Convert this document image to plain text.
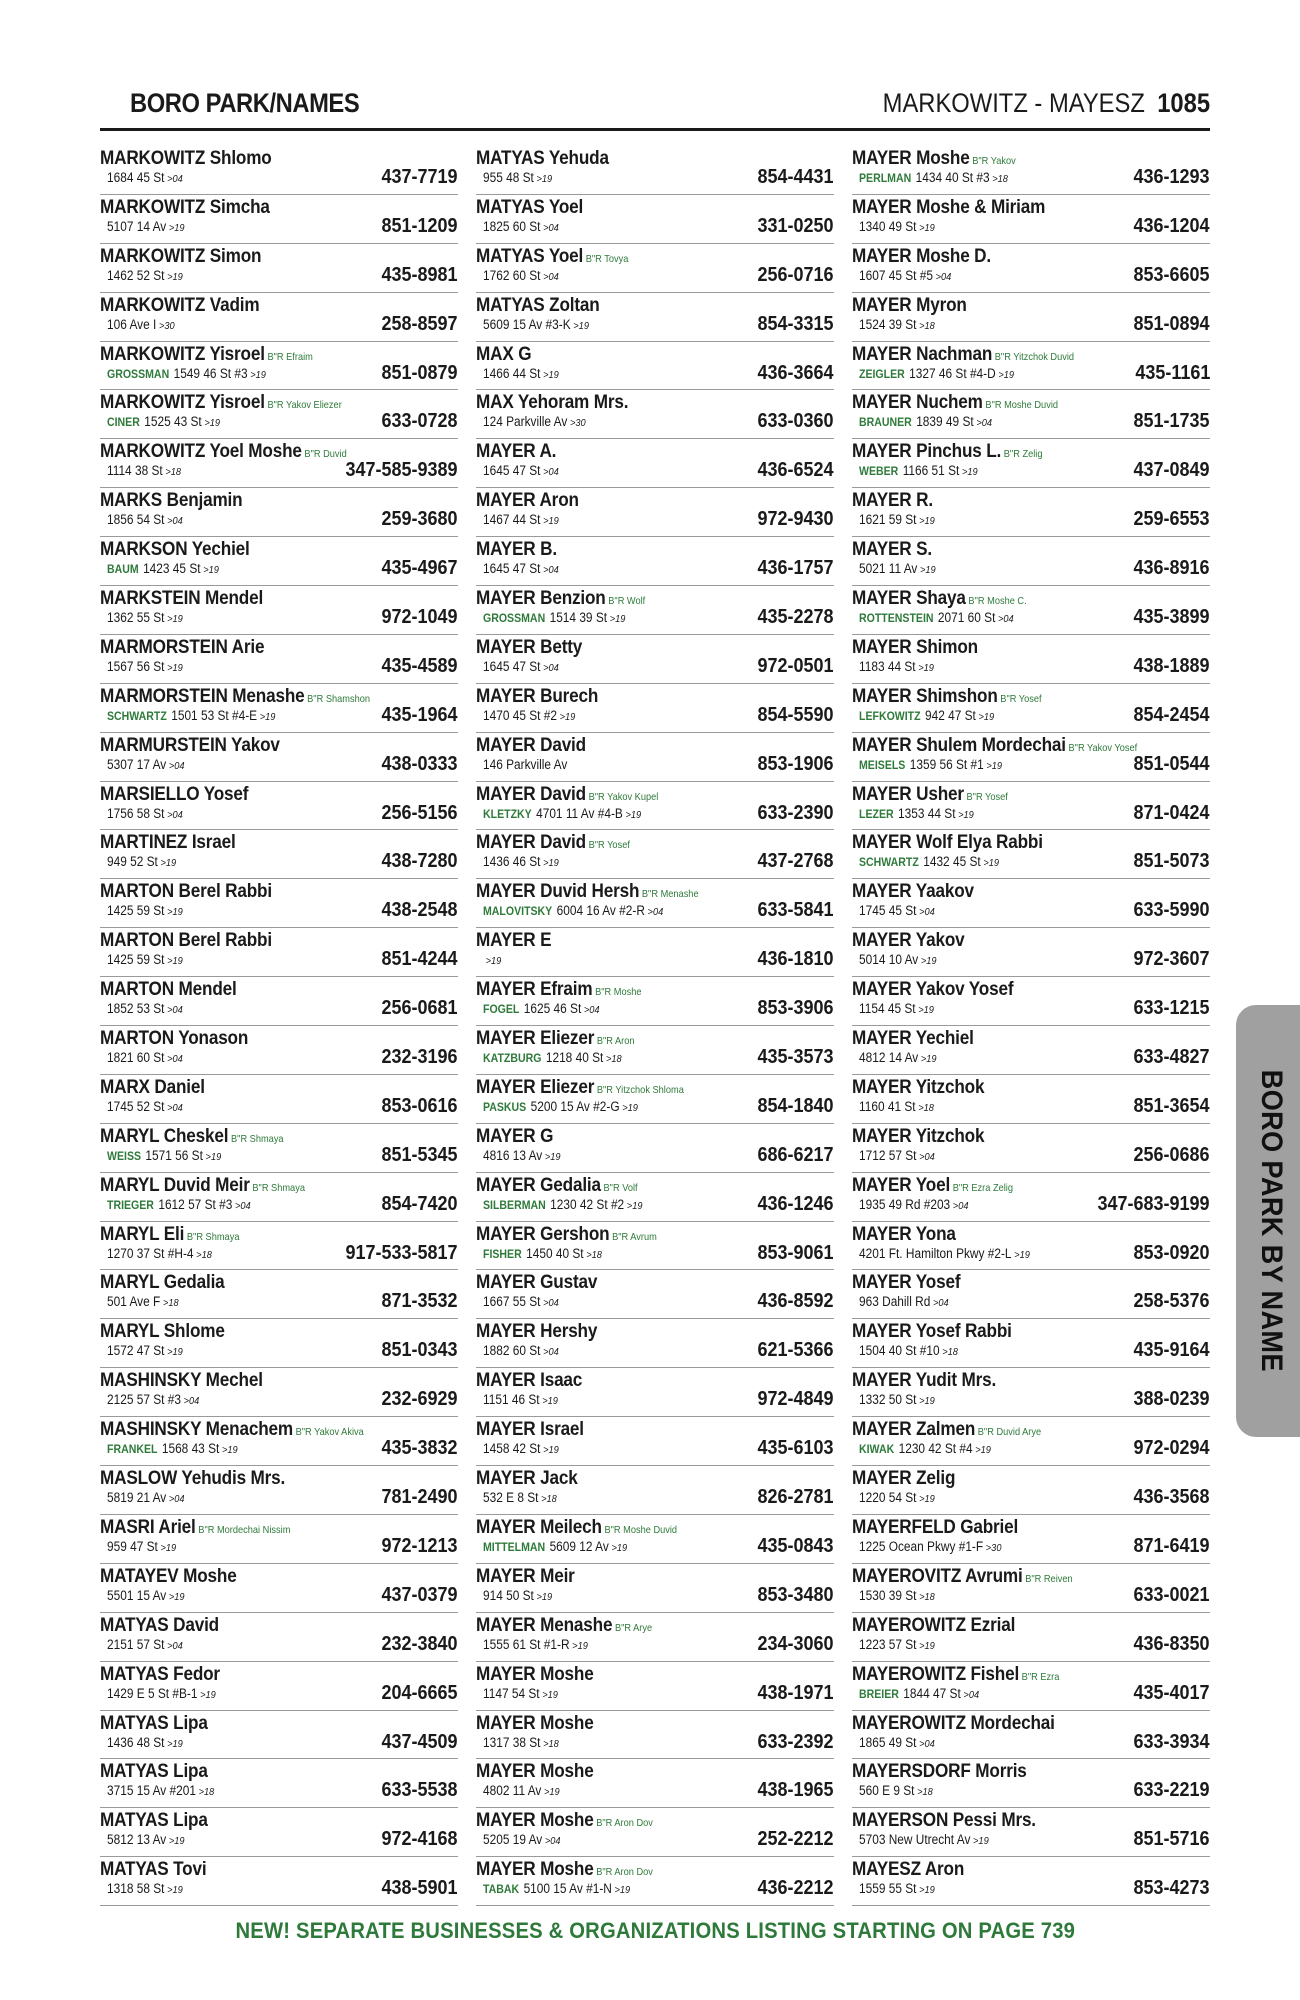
BORO PARK/NAMES	MARKOWITZ - MAYESZ 1085
MARKOWITZ Shlomo
1684 45 St >04	437-7719
MARKOWITZ Simcha
5107 14 Av >19	851-1209
MARKOWITZ Simon
1462 52 St >19	435-8981
MARKOWITZ Vadim
106 Ave I >30	258-8597
MARKOWITZ Yisroel B"R Efraim
GROSSMAN 1549 46 St #3 >19	851-0879
MARKOWITZ Yisroel B"R Yakov Eliezer
CINER 1525 43 St >19	633-0728
MARKOWITZ Yoel Moshe B"R Duvid
1114 38 St >18	347-585-9389
MARKS Benjamin
1856 54 St >04	259-3680
MARKSON Yechiel
BAUM 1423 45 St >19	435-4967
MARKSTEIN Mendel
1362 55 St >19	972-1049
MARMORSTEIN Arie
1567 56 St >19	435-4589
MARMORSTEIN Menashe B"R Shamshon
SCHWARTZ 1501 53 St #4-E >19	435-1964
MARMURSTEIN Yakov
5307 17 Av >04	438-0333
MARSIELLO Yosef
1756 58 St >04	256-5156
MARTINEZ Israel
949 52 St >19	438-7280
MARTON Berel Rabbi
1425 59 St >19	438-2548
MARTON Berel Rabbi
1425 59 St >19	851-4244
MARTON Mendel
1852 53 St >04	256-0681
MARTON Yonason
1821 60 St >04	232-3196
MARX Daniel
1745 52 St >04	853-0616
MARYL Cheskel B"R Shmaya
WEISS 1571 56 St >19	851-5345
MARYL Duvid Meir B"R Shmaya
TRIEGER 1612 57 St #3 >04	854-7420
MARYL Eli B"R Shmaya
1270 37 St #H-4 >18	917-533-5817
MARYL Gedalia
501 Ave F >18	871-3532
MARYL Shlome
1572 47 St >19	851-0343
MASHINSKY Mechel
2125 57 St #3 >04	232-6929
MASHINSKY Menachem B"R Yakov Akiva
FRANKEL 1568 43 St >19	435-3832
MASLOW Yehudis Mrs.
5819 21 Av >04	781-2490
MASRI Ariel B"R Mordechai Nissim
959 47 St >19	972-1213
MATAYEV Moshe
5501 15 Av >19	437-0379
MATYAS David
2151 57 St >04	232-3840
MATYAS Fedor
1429 E 5 St #B-1 >19	204-6665
MATYAS Lipa
1436 48 St >19	437-4509
MATYAS Lipa
3715 15 Av #201 >18	633-5538
MATYAS Lipa
5812 13 Av >19	972-4168
MATYAS Tovi
1318 58 St >19	438-5901
MATYAS Yehuda
955 48 St >19	854-4431
MATYAS Yoel
1825 60 St >04	331-0250
MATYAS Yoel B"R Tovya
1762 60 St >04	256-0716
MATYAS Zoltan
5609 15 Av #3-K >19	854-3315
MAX G
1466 44 St >19	436-3664
MAX Yehoram Mrs.
124 Parkville Av >30	633-0360
MAYER A.
1645 47 St >04	436-6524
MAYER Aron
1467 44 St >19	972-9430
MAYER B.
1645 47 St >04	436-1757
MAYER Benzion B"R Wolf
GROSSMAN 1514 39 St >19	435-2278
MAYER Betty
1645 47 St >04	972-0501
MAYER Burech
1470 45 St #2 >19	854-5590
MAYER David
146 Parkville Av	853-1906
MAYER David B"R Yakov Kupel
KLETZKY 4701 11 Av #4-B >19	633-2390
MAYER David B"R Yosef
1436 46 St >19	437-2768
MAYER Duvid Hersh B"R Menashe
MALOVITSKY 6004 16 Av #2-R >04	633-5841
MAYER E
>19	436-1810
MAYER Efraim B"R Moshe
FOGEL 1625 46 St >04	853-3906
MAYER Eliezer B"R Aron
KATZBURG 1218 40 St >18	435-3573
MAYER Eliezer B"R Yitzchok Shloma
PASKUS 5200 15 Av #2-G >19	854-1840
MAYER G
4816 13 Av >19	686-6217
MAYER Gedalia B"R Volf
SILBERMAN 1230 42 St #2 >19	436-1246
MAYER Gershon B"R Avrum
FISHER 1450 40 St >18	853-9061
MAYER Gustav
1667 55 St >04	436-8592
MAYER Hershy
1882 60 St >04	621-5366
MAYER Isaac
1151 46 St >19	972-4849
MAYER Israel
1458 42 St >19	435-6103
MAYER Jack
532 E 8 St >18	826-2781
MAYER Meilech B"R Moshe Duvid
MITTELMAN 5609 12 Av >19	435-0843
MAYER Meir
914 50 St >19	853-3480
MAYER Menashe B"R Arye
1555 61 St #1-R >19	234-3060
MAYER Moshe
1147 54 St >19	438-1971
MAYER Moshe
1317 38 St >18	633-2392
MAYER Moshe
4802 11 Av >19	438-1965
MAYER Moshe B"R Aron Dov
5205 19 Av >04	252-2212
MAYER Moshe B"R Aron Dov
TABAK 5100 15 Av #1-N >19	436-2212
MAYER Moshe B"R Yakov
PERLMAN 1434 40 St #3 >18	436-1293
MAYER Moshe & Miriam
1340 49 St >19	436-1204
MAYER Moshe D.
1607 45 St #5 >04	853-6605
MAYER Myron
1524 39 St >18	851-0894
MAYER Nachman B"R Yitzchok Duvid
ZEIGLER 1327 46 St #4-D >19	435-1161
MAYER Nuchem B"R Moshe Duvid
BRAUNER 1839 49 St >04	851-1735
MAYER Pinchus L. B"R Zelig
WEBER 1166 51 St >19	437-0849
MAYER R.
1621 59 St >19	259-6553
MAYER S.
5021 11 Av >19	436-8916
MAYER Shaya B"R Moshe C.
ROTTENSTEIN 2071 60 St >04	435-3899
MAYER Shimon
1183 44 St >19	438-1889
MAYER Shimshon B"R Yosef
LEFKOWITZ 942 47 St >19	854-2454
MAYER Shulem Mordechai B"R Yakov Yosef
MEISELS 1359 56 St #1 >19	851-0544
MAYER Usher B"R Yosef
LEZER 1353 44 St >19	871-0424
MAYER Wolf Elya Rabbi
SCHWARTZ 1432 45 St >19	851-5073
MAYER Yaakov
1745 45 St >04	633-5990
MAYER Yakov
5014 10 Av >19	972-3607
MAYER Yakov Yosef
1154 45 St >19	633-1215
MAYER Yechiel
4812 14 Av >19	633-4827
MAYER Yitzchok
1160 41 St >18	851-3654
MAYER Yitzchok
1712 57 St >04	256-0686
MAYER Yoel B"R Ezra Zelig
1935 49 Rd #203 >04	347-683-9199
MAYER Yona
4201 Ft. Hamilton Pkwy #2-L >19	853-0920
MAYER Yosef
963 Dahill Rd >04	258-5376
MAYER Yosef Rabbi
1504 40 St #10 >18	435-9164
MAYER Yudit Mrs.
1332 50 St >19	388-0239
MAYER Zalmen B"R Duvid Arye
KIWAK 1230 42 St #4 >19	972-0294
MAYER Zelig
1220 54 St >19	436-3568
MAYERFELD Gabriel
1225 Ocean Pkwy #1-F >30	871-6419
MAYEROVITZ Avrumi B"R Reiven
1530 39 St >18	633-0021
MAYEROWITZ Ezrial
1223 57 St >19	436-8350
MAYEROWITZ Fishel B"R Ezra
BREIER 1844 47 St >04	435-4017
MAYEROWITZ Mordechai
1865 49 St >04	633-3934
MAYERSDORF Morris
560 E 9 St >18	633-2219
MAYERSON Pessi Mrs.
5703 New Utrecht Av >19	851-5716
MAYESZ Aron
1559 55 St >19	853-4273
BORO PARK BY NAME
NEW! SEPARATE BUSINESSES & ORGANIZATIONS LISTING STARTING ON PAGE 739
